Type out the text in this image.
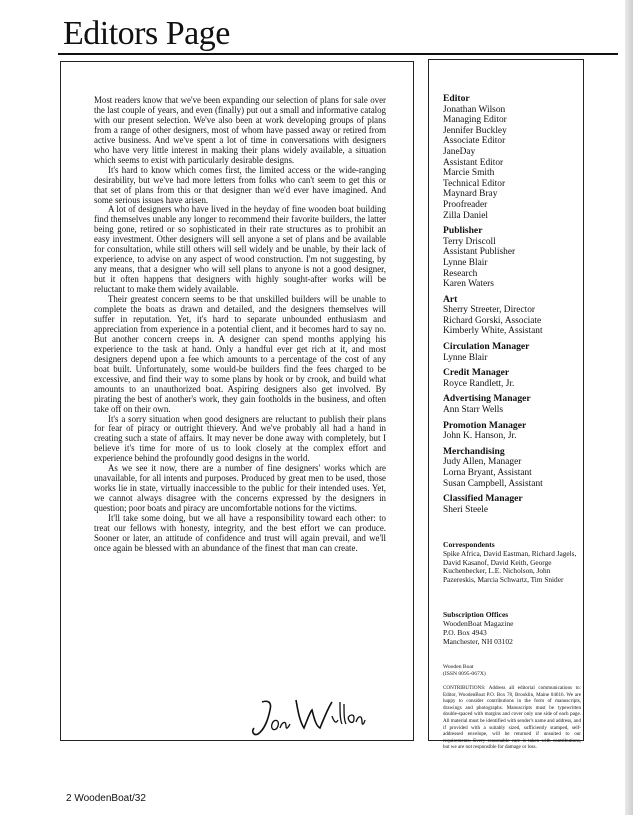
Editors Page

Most readers know that we've been expanding our selection of plans for sale over the last couple of years, and even (finally) put out a small and informative catalog with our present selection. We've also been at work developing groups of plans from a range of other designers, most of whom have passed away or retired from active business. And we've spent a lot of time in conversations with designers who have very little interest in making their plans widely available, a situation which seems to exist with particularly desirable designs.

It's hard to know which comes first, the limited access or the wide-ranging desirability, but we've had more letters from folks who can't seem to get this or that set of plans from this or that designer than we'd ever have imagined. And some serious issues have arisen.

A lot of designers who have lived in the heyday of fine wooden boat building find themselves unable any longer to recommend their favorite builders, the latter being gone, retired or so sophisticated in their rate structures as to prohibit an easy investment. Other designers will sell anyone a set of plans and be available for consultation, while still others will sell widely and be unable, by their lack of experience, to advise on any aspect of wood construction. I'm not suggesting, by any means, that a designer who will sell plans to anyone is not a good designer, but it often happens that designers with highly sought-after works will be reluctant to make them widely available.

Their greatest concern seems to be that unskilled builders will be unable to complete the boats as drawn and detailed, and the designers themselves will suffer in reputation. Yet, it's hard to separate unbounded enthusiasm and appreciation from experience in a potential client, and it becomes hard to say no. But another concern creeps in. A designer can spend months applying his experience to the task at hand. Only a handful ever get rich at it, and most designers depend upon a fee which amounts to a percentage of the cost of any boat built. Unfortunately, some would-be builders find the fees charged to be excessive, and find their way to some plans by hook or by crook, and build what amounts to an unauthorized boat. Aspiring designers also get involved. By pirating the best of another's work, they gain footholds in the business, and often take off on their own.

It's a sorry situation when good designers are reluctant to publish their plans for fear of piracy or outright thievery. And we've probably all had a hand in creating such a state of affairs. It may never be done away with completely, but I believe it's time for more of us to look closely at the complex effort and experience behind the profoundly good designs in the world.

As we see it now, there are a number of fine designers' works which are unavailable, for all intents and purposes. Produced by great men to be used, those works lie in state, virtually inaccessible to the public for their intended uses. Yet, we cannot always disagree with the concerns expressed by the designers in question; poor boats and piracy are uncomfortable notions for the victims.

It'll take some doing, but we all have a responsibility toward each other: to treat our fellows with honesty, integrity, and the best effort we can produce. Sooner or later, an attitude of confidence and trust will again prevail, and we'll once again be blessed with an abundance of the finest that man can create.

Editor
Jonathan Wilson
Managing Editor
Jennifer Buckley
Associate Editor
JaneDay
Assistant Editor
Marcie Smith
Technical Editor
Maynard Bray
Proofreader
Zilla Daniel
Publisher
Terry Driscoll
Assistant Publisher
Lynne Blair
Research
Karen Waters
Art
Sherry Streeter, Director
Richard Gorski, Associate
Kimberly White, Assistant
Circulation Manager
Lynne Blair
Credit Manager
Royce Randlett, Jr.
Advertising Manager
Ann Starr Wells
Promotion Manager
John K. Hanson, Jr.
Merchandising
Judy Allen, Manager
Lorna Bryant, Assistant
Susan Campbell, Assistant
Classified Manager
Sheri Steele
Correspondents
Spike Africa, David Eastman, Richard Jagels, David Kasanof, David Keith, George Kuchenbecker, L.E. Nicholson, John Pazereskis, Marcia Schwartz, Tim Snider
Subscription Offices
WoodenBoat Magazine
P.O. Box 4943
Manchester, NH 03102
Wooden Boat
(ISSN 0095-067X)
CONTRIBUTIONS: Address all editorial communications to: Editor, WoodenBoat P.O. Box 78, Brooklin, Maine 04616. We are happy to consider contributions in the form of manuscripts, drawings and photographs. Manuscripts must be typewritten double-spaced with margins and cover only one side of each page. All material must be identified with sender's name and address, and if provided with a suitably sized, sufficiently stamped, self-addressed envelope, will be returned if unsuited to our requirements. Every reasonable care is taken with contributions, but we are not responsible for damage or loss.
2 WoodenBoat/32
